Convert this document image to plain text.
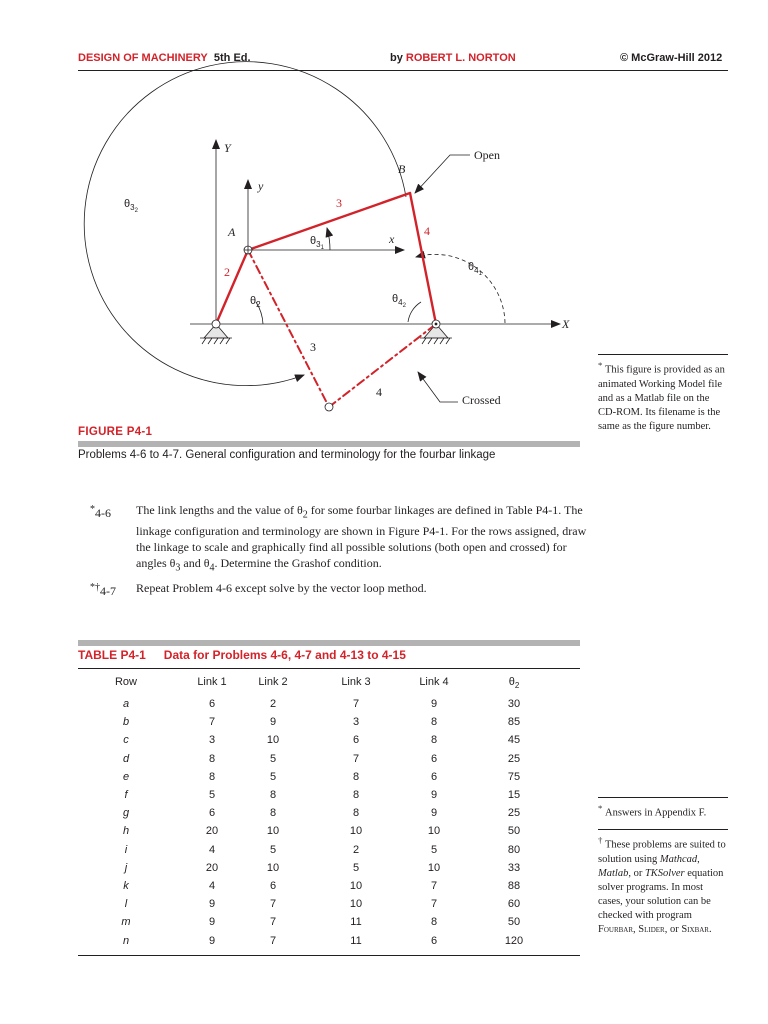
DESIGN OF MACHINERY 5th Ed.	by ROBERT L. NORTON	© McGraw-Hill 2012
Y
y
x
X
A
B
Open
Crossed
3
4
2
3
4
$\theta_32$
$\theta_31$
$\theta_2$
$\theta_41$
$\theta_42$
FIGURE P4-1
Problems 4-6 to 4-7. General configuration and terminology for the fourbar linkage
* This figure is provided as an animated Working Model file and as a Matlab file on the CD-ROM. Its filename is the same as the figure number.
* Answers in Appendix F.
† These problems are suited to solution using Mathcad, Matlab, or TKSolver equation solver programs. In most cases, your solution can be checked with program Fourbar, Slider, or Sixbar.
*4-6 The link lengths and the value of $\theta_2$ for some fourbar linkages are defined in Table P4-1. The linkage configuration and terminology are shown in Figure P4-1. For the rows assigned, draw the linkage to scale and graphically find all possible solutions (both open and crossed) for angles $\theta_3$ and $\theta_4$. Determine the Grashof condition.
*†4-7 Repeat Problem 4-6 except solve by the vector loop method.
TABLE P4-1 Data for Problems 4-6, 4-7 and 4-13 to 4-15
Row	Link 1	Link 2	Link 3	Link 4	$\theta_2$
a	6	2	7	9	30
b	7	9	3	8	85
c	3	10	6	8	45
d	8	5	7	6	25
e	8	5	8	6	75
f	5	8	8	9	15
g	6	8	8	9	25
h	20	10	10	10	50
i	4	5	2	5	80
j	20	10	5	10	33
k	4	6	10	7	88
l	9	7	10	7	60
m	9	7	11	8	50
n	9	7	11	6	120
